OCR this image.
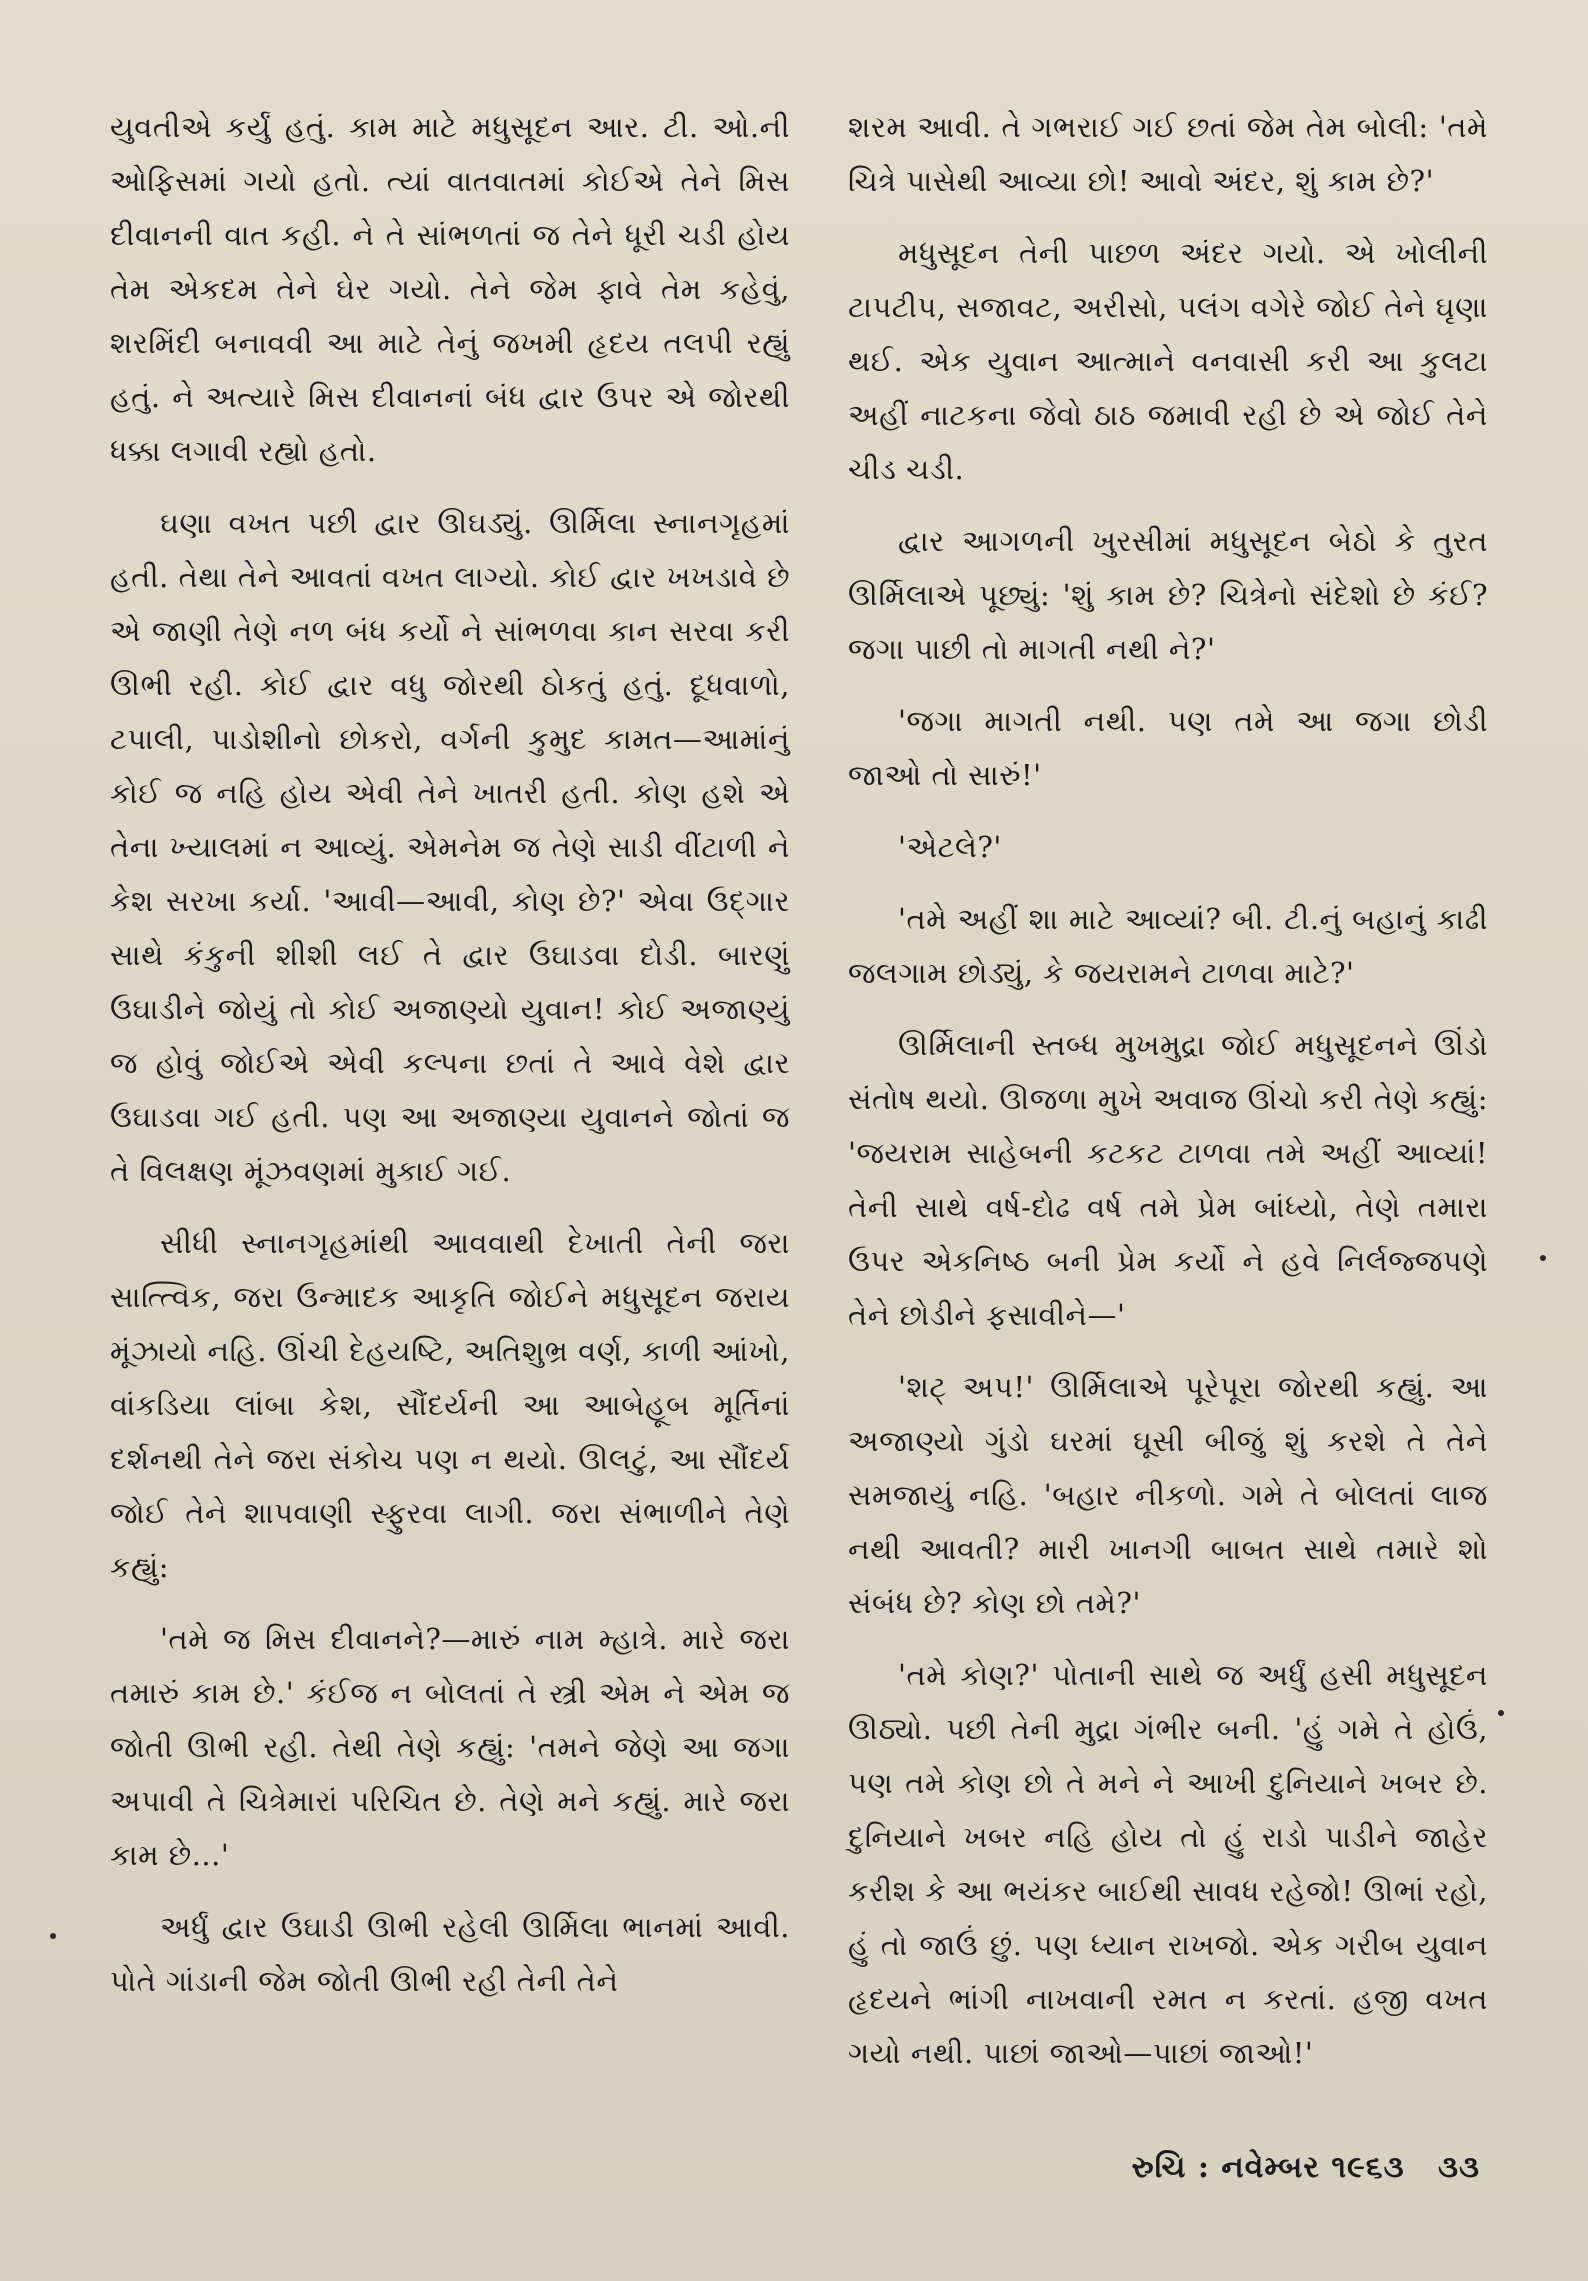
યુવતીએ કર્યું હતું. કામ માટે મધુસૂદન આર. ટી. ઓ.ની ઓફિસમાં ગયો હતો. ત્યાં વાતવાતમાં કોઈએ તેને મિસ દીવાનની વાત કહી. ને તે સાંભળતાં જ તેને ધૂરી ચડી હોય તેમ એકદમ તેને ઘેર ગયો. તેને જેમ ફાવે તેમ કહેવું, શરમિંદી બનાવવી આ માટે તેનું જખમી હૃદય તલપી રહ્યું હતું. ને અત્યારે મિસ દીવાનનાં બંધ દ્વાર ઉપર એ જોરથી ધક્કા લગાવી રહ્યો હતો.

ઘણા વખત પછી દ્વાર ઊઘડ્યું. ઊર્મિલા સ્નાનગૃહમાં હતી. તેથા તેને આવતાં વખત લાગ્યો. કોઈ દ્વાર ખખડાવે છે એ જાણી તેણે નળ બંધ કર્યો ને સાંભળવા કાન સરવા કરી ઊભી રહી. કોઈ દ્વાર વધુ જોરથી ઠોકતું હતું. દૂધવાળો, ટપાલી, પાડોશીનો છોકરો, વર્ગની કુમુદ કામત—આમાંનું કોઈ જ નહિ હોય એવી તેને ખાતરી હતી. કોણ હશે એ તેના ખ્યાલમાં ન આવ્યું. એમનેમ જ તેણે સાડી વીંટાળી ને કેશ સરખા કર્યા. 'આવી—આવી, કોણ છે?' એવા ઉદ્ગાર સાથે કંકુની શીશી લઈ તે દ્વાર ઉઘાડવા દોડી. બારણું ઉઘાડીને જોયું તો કોઈ અજાણ્યો યુવાન! કોઈ અજાણ્યું જ હોવું જોઈએ એવી કલ્પના છતાં તે આવે વેશે દ્વાર ઉઘાડવા ગઈ હતી. પણ આ અજાણ્યા યુવાનને જોતાં જ તે વિલક્ષણ મૂંઝવણમાં મુકાઈ ગઈ.

સીધી સ્નાનગૃહમાંથી આવવાથી દેખાતી તેની જરા સાત્ત્વિક, જરા ઉન્માદક આકૃતિ જોઈને મધુસૂદન જરાય મૂંઝાયો નહિ. ઊંચી દેહયષ્ટિ, અતિશુભ્ર વર્ણ, કાળી આંખો, વાંકડિયા લાંબા કેશ, સૌંદર્યની આ આબેહૂબ મૂર્તિનાં દર્શનથી તેને જરા સંકોચ પણ ન થયો. ઊલટું, આ સૌંદર્ય જોઈ તેને શાપવાણી સ્ફુરવા લાગી. જરા સંભાળીને તેણે કહ્યું:

'તમે જ મિસ દીવાનને?—મારું નામ મ્હાત્રે. મારે જરા તમારું કામ છે.' કંઈજ ન બોલતાં તે સ્ત્રી એમ ને એમ જ જોતી ઊભી રહી. તેથી તેણે કહ્યું: 'તમને જેણે આ જગા અપાવી તે ચિત્રેમારાં પરિચિત છે. તેણે મને કહ્યું. મારે જરા કામ છે...'

અર્ધું દ્વાર ઉઘાડી ઊભી રહેલી ઊર્મિલા ભાનમાં આવી. પોતે ગાંડાની જેમ જોતી ઊભી રહી તેની તેને

શરમ આવી. તે ગભરાઈ ગઈ છતાં જેમ તેમ બોલી: 'તમે ચિત્રે પાસેથી આવ્યા છો! આવો અંદર, શું કામ છે?'

મધુસૂદન તેની પાછળ અંદર ગયો. એ ખોલીની ટાપટીપ, સજાવટ, અરીસો, પલંગ વગેરે જોઈ તેને ઘૃણા થઈ. એક યુવાન આત્માને વનવાસી કરી આ કુલટા અહીં નાટકના જેવો ઠાઠ જમાવી રહી છે એ જોઈ તેને ચીડ ચડી.

દ્વાર આગળની ખુરસીમાં મધુસૂદન બેઠો કે તુરત ઊર્મિલાએ પૂછ્યું: 'શું કામ છે? ચિત્રેનો સંદેશો છે કંઈ? જગા પાછી તો માગતી નથી ને?'

'જગા માગતી નથી. પણ તમે આ જગા છોડી જાઓ તો સારું!'

'એટલે?'

'તમે અહીં શા માટે આવ્યાં? બી. ટી.નું બહાનું કાઢી જલગામ છોડ્યું, કે જયરામને ટાળવા માટે?'

ઊર્મિલાની સ્તબ્ધ મુખમુદ્રા જોઈ મધુસૂદનને ઊંડો સંતોષ થયો. ઊજળા મુખે અવાજ ઊંચો કરી તેણે કહ્યું: 'જયરામ સાહેબની કટકટ ટાળવા તમે અહીં આવ્યાં! તેની સાથે વર્ષ-દોઢ વર્ષ તમે પ્રેમ બાંધ્યો, તેણે તમારા ઉપર એકનિષ્ઠ બની પ્રેમ કર્યો ને હવે નિર્લજ્જપણે તેને છોડીને ફસાવીને—'

'શટ્ અપ!' ઊર્મિલાએ પૂરેપૂરા જોરથી કહ્યું. આ અજાણ્યો ગુંડો ઘરમાં ઘૂસી બીજું શું કરશે તે તેને સમજાયું નહિ. 'બહાર નીકળો. ગમે તે બોલતાં લાજ નથી આવતી? મારી ખાનગી બાબત સાથે તમારે શો સંબંધ છે? કોણ છો તમે?'

'તમે કોણ?' પોતાની સાથે જ અર્ધું હસી મધુસૂદન ઊઠ્યો. પછી તેની મુદ્રા ગંભીર બની. 'હું ગમે તે હોઉં, પણ તમે કોણ છો તે મને ને આખી દુનિયાને ખબર છે. દુનિયાને ખબર નહિ હોય તો હું રાડો પાડીને જાહેર કરીશ કે આ ભયંકર બાઈથી સાવધ રહેજો! ઊભાં રહો, હું તો જાઉં છું. પણ ધ્યાન રાખજો. એક ગરીબ યુવાન હૃદયને ભાંગી નાખવાની રમત ન કરતાં. હજી વખત ગયો નથી. પાછાં જાઓ—પાછાં જાઓ!'

રુચિ : નવેમ્બર ૧૯૬૩ ૩૩
